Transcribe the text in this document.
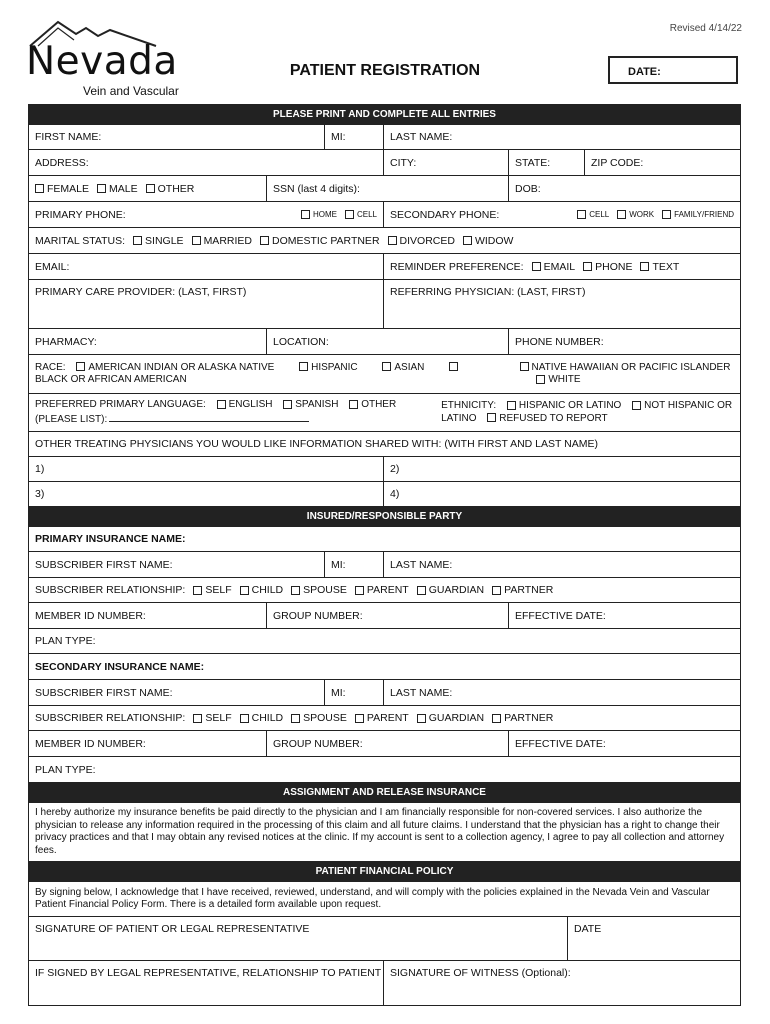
Nevada
Vein and Vascular
Revised 4/14/22
PATIENT REGISTRATION	DATE:
PLEASE PRINT AND COMPLETE ALL ENTRIES
FIRST NAME:	MI:	LAST NAME:
ADDRESS:	CITY:	STATE:	ZIP CODE:
FEMALE MALE OTHER	SSN (last 4 digits):	DOB:
PRIMARY PHONE:	HOME	CELL SECONDARY PHONE:	CELL	WORK	FAMILY/FRIEND
MARITAL STATUS: SINGLE MARRIED DOMESTIC PARTNER DIVORCED WIDOW
EMAIL:	REMINDER PREFERENCE: EMAIL PHONE TEXT
PRIMARY CARE PROVIDER: (LAST, FIRST)	REFERRING PHYSICIAN: (LAST, FIRST)
PHARMACY:	LOCATION:	PHONE NUMBER:
RACE: AMERICAN INDIAN OR ALASKA NATIVE	HISPANIC	ASIAN BLACK OR AFRICAN AMERICAN
NATIVE HAWAIIAN OR PACIFIC ISLANDER WHITE
PREFERRED PRIMARY LANGUAGE: ENGLISH SPANISH OTHER (PLEASE LIST):
ETHNICITY: HISPANIC OR LATINO NOT HISPANIC OR LATINO REFUSED TO REPORT
OTHER TREATING PHYSICIANS YOU WOULD LIKE INFORMATION SHARED WITH: (WITH FIRST AND LAST NAME)
1)	2)
3)	4)
INSURED/RESPONSIBLE PARTY
PRIMARY INSURANCE NAME:
SUBSCRIBER FIRST NAME:	MI:	LAST NAME:
SUBSCRIBER RELATIONSHIP: SELF CHILD SPOUSE PARENT GUARDIAN PARTNER
MEMBER ID NUMBER:	GROUP NUMBER:	EFFECTIVE DATE:
PLAN TYPE:
SECONDARY INSURANCE NAME:
SUBSCRIBER FIRST NAME:	MI:	LAST NAME:
SUBSCRIBER RELATIONSHIP: SELF CHILD SPOUSE PARENT GUARDIAN PARTNER
MEMBER ID NUMBER:	GROUP NUMBER:	EFFECTIVE DATE:
PLAN TYPE:
ASSIGNMENT AND RELEASE INSURANCE
I hereby authorize my insurance benefits be paid directly to the physician and I am financially responsible for non-covered services. I also authorize the physician to release any information required in the processing of this claim and all future claims. I understand that the physician has a right to change their privacy practices and that I may obtain any revised notices at the clinic. If my account is sent to a collection agency, I agree to pay all collection and attorney fees.
PATIENT FINANCIAL POLICY
By signing below, I acknowledge that I have received, reviewed, understand, and will comply with the policies explained in the Nevada Vein and Vascular Patient Financial Policy Form. There is a detailed form available upon request.
SIGNATURE OF PATIENT OR LEGAL REPRESENTATIVE	DATE
IF SIGNED BY LEGAL REPRESENTATIVE, RELATIONSHIP TO PATIENT SIGNATURE OF WITNESS (Optional):
